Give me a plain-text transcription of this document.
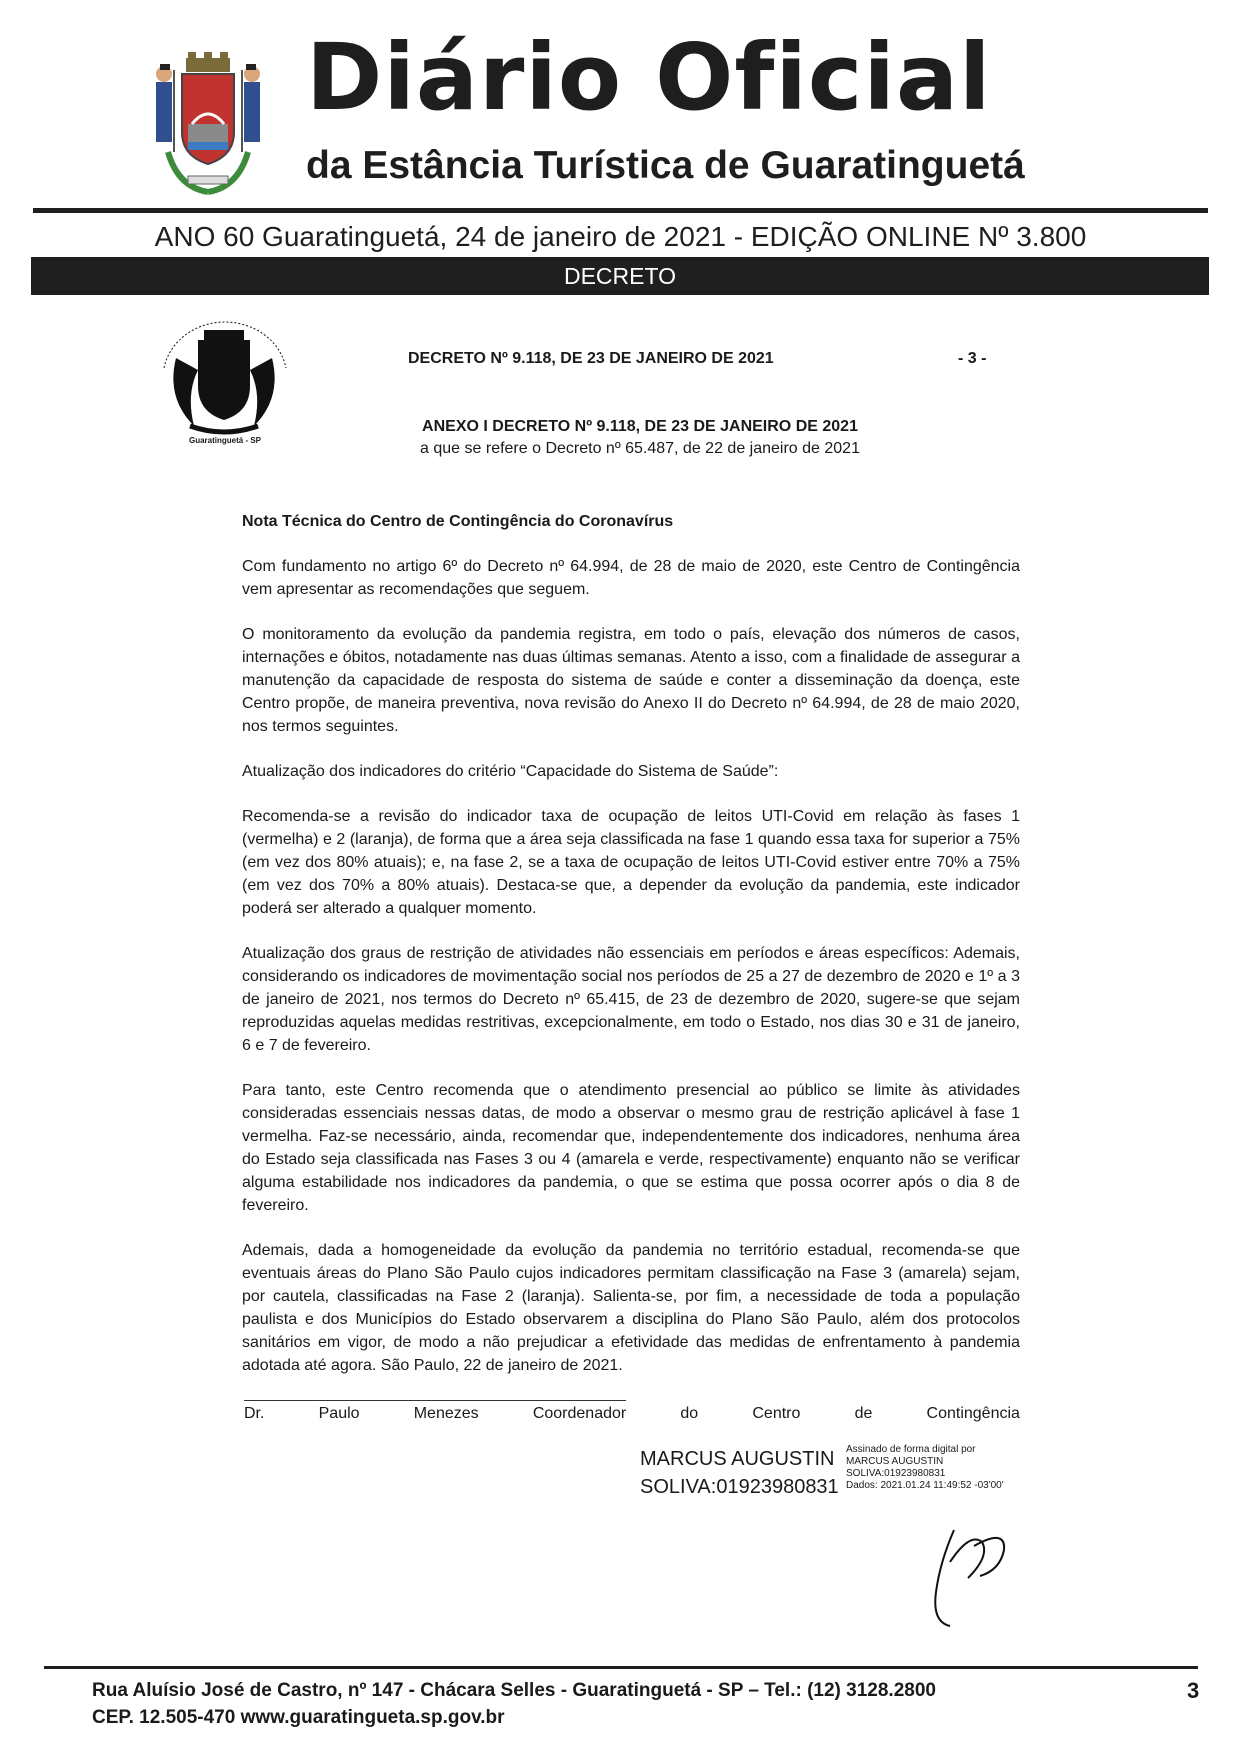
Diário Oficial
da Estância Turística de Guaratinguetá
ANO 60 Guaratinguetá, 24 de janeiro de 2021 - EDIÇÃO ONLINE Nº 3.800
DECRETO
Guaratinguetá - SP
DECRETO Nº 9.118, DE 23 DE JANEIRO DE 2021	- 3 -
ANEXO I DECRETO Nº 9.118, DE 23 DE JANEIRO DE 2021
a que se refere o Decreto nº 65.487, de 22 de janeiro de 2021

Nota Técnica do Centro de Contingência do Coronavírus

Com fundamento no artigo 6º do Decreto nº 64.994, de 28 de maio de 2020, este Centro de Contingência vem apresentar as recomendações que seguem.

O monitoramento da evolução da pandemia registra, em todo o país, elevação dos números de casos, internações e óbitos, notadamente nas duas últimas semanas. Atento a isso, com a finalidade de assegurar a manutenção da capacidade de resposta do sistema de saúde e conter a disseminação da doença, este Centro propõe, de maneira preventiva, nova revisão do Anexo II do Decreto nº 64.994, de 28 de maio 2020, nos termos seguintes.

Atualização dos indicadores do critério “Capacidade do Sistema de Saúde”:

Recomenda-se a revisão do indicador taxa de ocupação de leitos UTI-Covid em relação às fases 1 (vermelha) e 2 (laranja), de forma que a área seja classificada na fase 1 quando essa taxa for superior a 75% (em vez dos 80% atuais); e, na fase 2, se a taxa de ocupação de leitos UTI-Covid estiver entre 70% a 75% (em vez dos 70% a 80% atuais). Destaca-se que, a depender da evolução da pandemia, este indicador poderá ser alterado a qualquer momento.

Atualização dos graus de restrição de atividades não essenciais em períodos e áreas específicos: Ademais, considerando os indicadores de movimentação social nos períodos de 25 a 27 de dezembro de 2020 e 1º a 3 de janeiro de 2021, nos termos do Decreto nº 65.415, de 23 de dezembro de 2020, sugere-se que sejam reproduzidas aquelas medidas restritivas, excepcionalmente, em todo o Estado, nos dias 30 e 31 de janeiro, 6 e 7 de fevereiro.

Para tanto, este Centro recomenda que o atendimento presencial ao público se limite às atividades consideradas essenciais nessas datas, de modo a observar o mesmo grau de restrição aplicável à fase 1 vermelha. Faz-se necessário, ainda, recomendar que, independentemente dos indicadores, nenhuma área do Estado seja classificada nas Fases 3 ou 4 (amarela e verde, respectivamente) enquanto não se verificar alguma estabilidade nos indicadores da pandemia, o que se estima que possa ocorrer após o dia 8 de fevereiro.

Ademais, dada a homogeneidade da evolução da pandemia no território estadual, recomenda-se que eventuais áreas do Plano São Paulo cujos indicadores permitam classificação na Fase 3 (amarela) sejam, por cautela, classificadas na Fase 2 (laranja). Salienta-se, por fim, a necessidade de toda a população paulista e dos Municípios do Estado observarem a disciplina do Plano São Paulo, além dos protocolos sanitários em vigor, de modo a não prejudicar a efetividade das medidas de enfrentamento à pandemia adotada até agora. São Paulo, 22 de janeiro de 2021.

Dr.	Paulo	Menezes	Coordenador	do	Centro	de	Contingência
MARCUS AUGUSTIN
SOLIVA:01923980831
Assinado de forma digital por
MARCUS AUGUSTIN
SOLIVA:01923980831
Dados: 2021.01.24 11:49:52 -03'00'
Rua Aluísio José de Castro, nº 147 - Chácara Selles - Guaratinguetá - SP – Tel.: (12) 3128.2800
CEP. 12.505-470 www.guaratingueta.sp.gov.br
3
